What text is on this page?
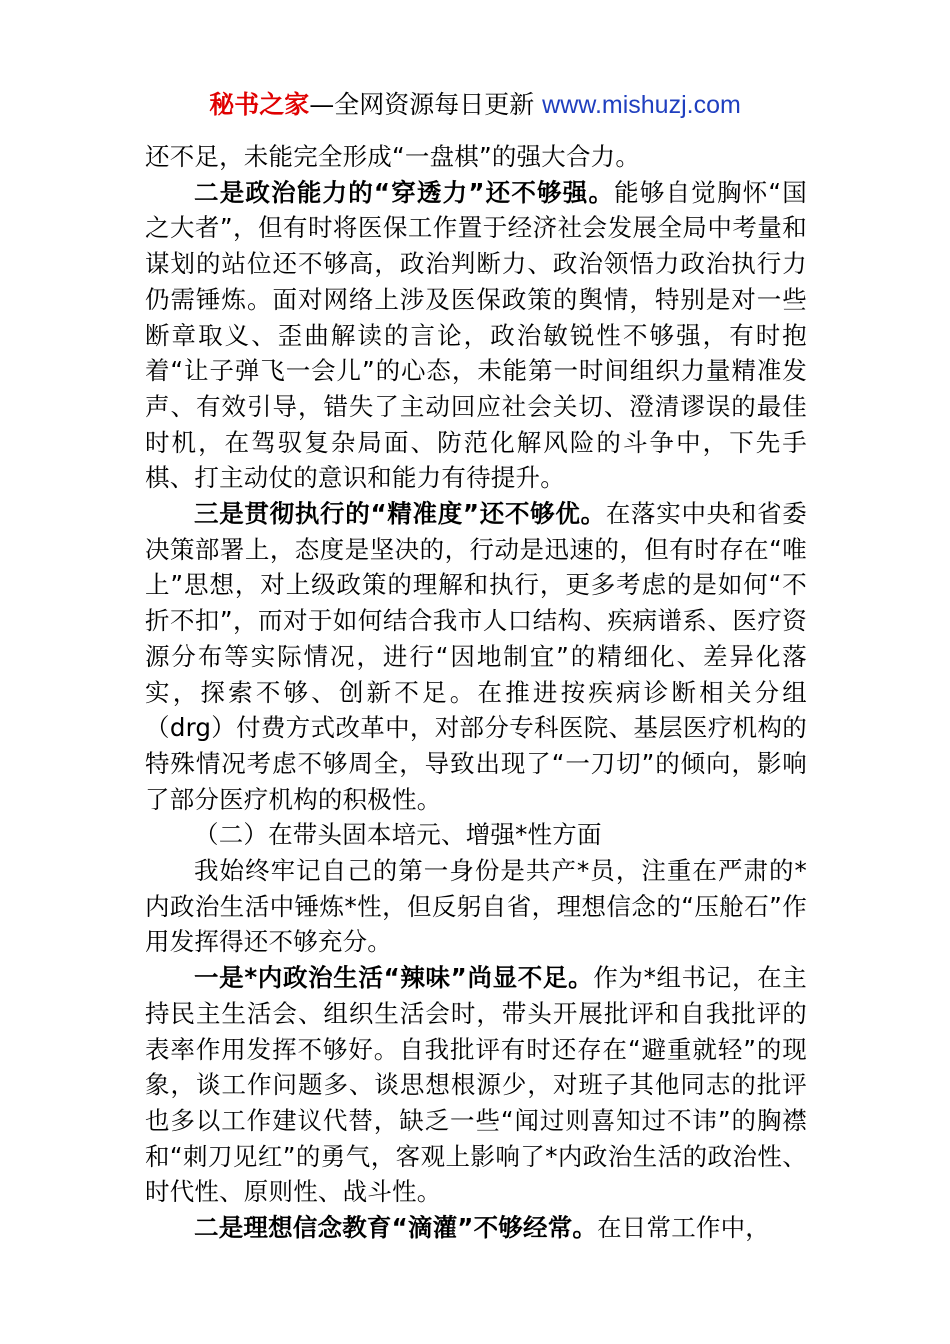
秘书之家—全网资源每日更新 www.mishuzj.com

还不足，未能完全形成“一盘棋”的强大合力。

二是政治能力的“穿透力”还不够强。能够自觉胸怀“国之大者”，但有时将医保工作置于经济社会发展全局中考量和谋划的站位还不够高，政治判断力、政治领悟力政治执行力仍需锤炼。面对网络上涉及医保政策的舆情，特别是对一些断章取义、歪曲解读的言论，政治敏锐性不够强，有时抱着“让子弹飞一会儿”的心态，未能第一时间组织力量精准发声、有效引导，错失了主动回应社会关切、澄清谬误的最佳时机，在驾驭复杂局面、防范化解风险的斗争中，下先手棋、打主动仗的意识和能力有待提升。

三是贯彻执行的“精准度”还不够优。在落实中央和省委决策部署上，态度是坚决的，行动是迅速的，但有时存在“唯上”思想，对上级政策的理解和执行，更多考虑的是如何“不折不扣”，而对于如何结合我市人口结构、疾病谱系、医疗资源分布等实际情况，进行“因地制宜”的精细化、差异化落实，探索不够、创新不足。在推进按疾病诊断相关分组（drg）付费方式改革中，对部分专科医院、基层医疗机构的特殊情况考虑不够周全，导致出现了“一刀切”的倾向，影响了部分医疗机构的积极性。

（二）在带头固本培元、增强*性方面

我始终牢记自己的第一身份是共产*员，注重在严肃的*内政治生活中锤炼*性，但反躬自省，理想信念的“压舱石”作用发挥得还不够充分。

一是*内政治生活“辣味”尚显不足。作为*组书记，在主持民主生活会、组织生活会时，带头开展批评和自我批评的表率作用发挥不够好。自我批评有时还存在“避重就轻”的现象，谈工作问题多、谈思想根源少，对班子其他同志的批评也多以工作建议代替，缺乏一些“闻过则喜知过不讳”的胸襟和“刺刀见红”的勇气，客观上影响了*内政治生活的政治性、时代性、原则性、战斗性。

二是理想信念教育“滴灌”不够经常。在日常工作中，
